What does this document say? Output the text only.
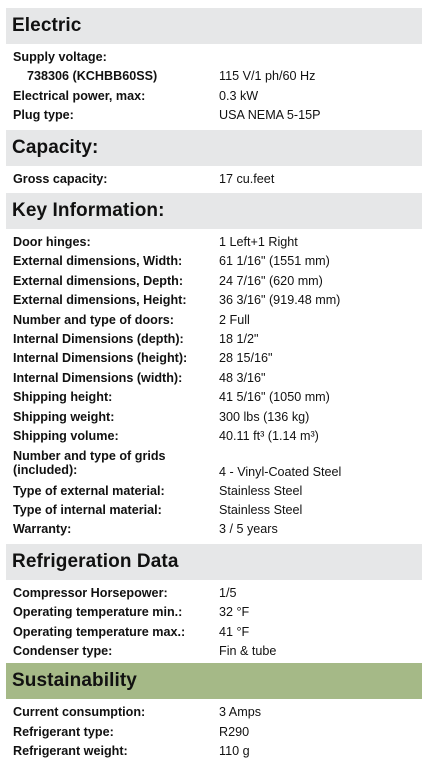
Electric
Supply voltage:
738306 (KCHBB60SS)	115 V/1 ph/60 Hz
Electrical power, max:	0.3 kW
Plug type:	USA NEMA 5-15P
Capacity:
Gross capacity:	17 cu.feet
Key Information:
Door hinges:	1 Left+1 Right
External dimensions, Width:	61 1/16" (1551 mm)
External dimensions, Depth:	24 7/16" (620 mm)
External dimensions, Height:	36 3/16" (919.48 mm)
Number and type of doors:	2 Full
Internal Dimensions (depth):	18 1/2"
Internal Dimensions (height):	28 15/16"
Internal Dimensions (width):	48 3/16"
Shipping height:	41 5/16" (1050 mm)
Shipping weight:	300 lbs (136 kg)
Shipping volume:	40.11 ft³ (1.14 m³)
Number and type of grids
(included):	4 - Vinyl-Coated Steel
Type of external material:	Stainless Steel
Type of internal material:	Stainless Steel
Warranty:	3 / 5 years
Refrigeration Data
Compressor Horsepower:	1/5
Operating temperature min.:	32 °F
Operating temperature max.:	41 °F
Condenser type:	Fin & tube
Sustainability
Current consumption:	3 Amps
Refrigerant type:	R290
Refrigerant weight:	110 g
